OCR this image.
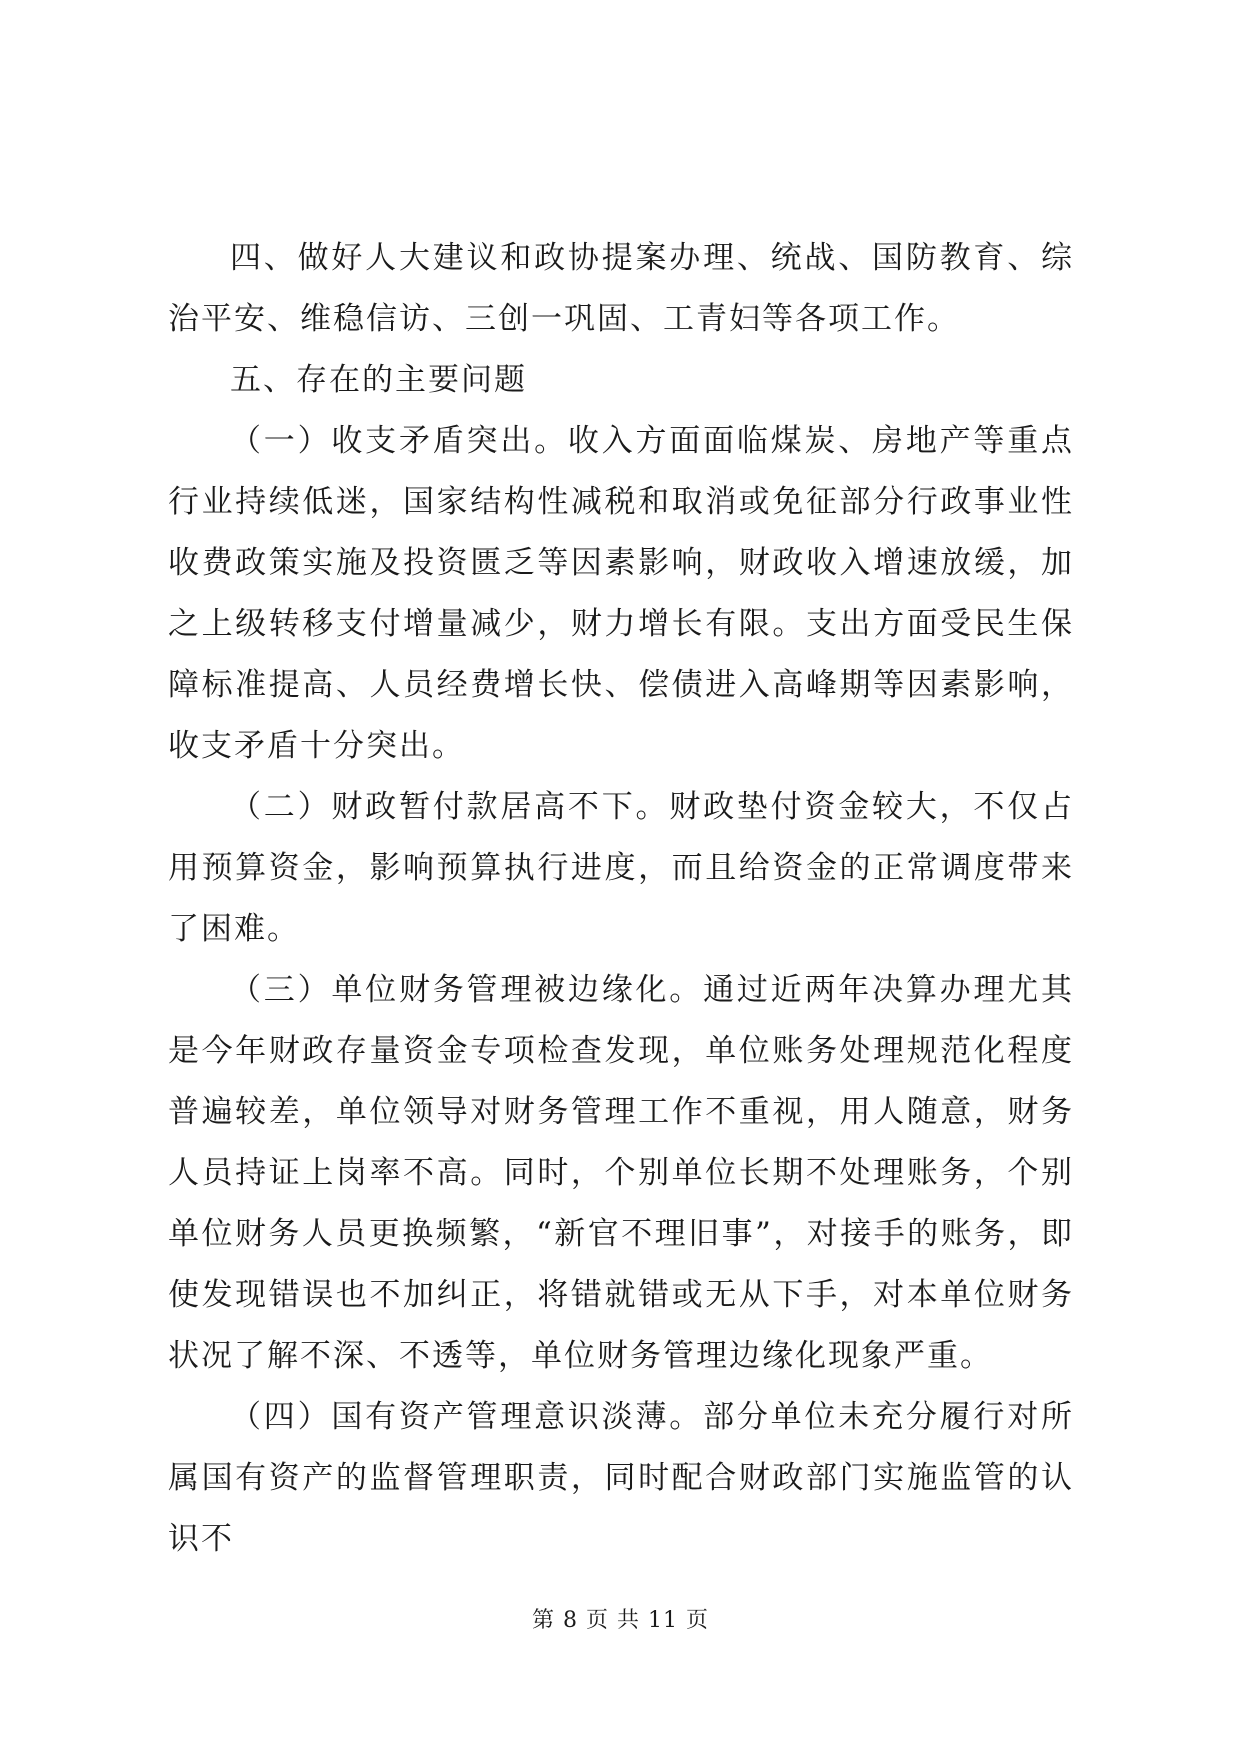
四、做好人大建议和政协提案办理、统战、国防教育、综治平安、维稳信访、三创一巩固、工青妇等各项工作。

五、存在的主要问题

（一）收支矛盾突出。收入方面面临煤炭、房地产等重点行业持续低迷，国家结构性减税和取消或免征部分行政事业性收费政策实施及投资匮乏等因素影响，财政收入增速放缓，加之上级转移支付增量减少，财力增长有限。支出方面受民生保障标准提高、人员经费增长快、偿债进入高峰期等因素影响，收支矛盾十分突出。

（二）财政暂付款居高不下。财政垫付资金较大，不仅占用预算资金，影响预算执行进度，而且给资金的正常调度带来了困难。

（三）单位财务管理被边缘化。通过近两年决算办理尤其是今年财政存量资金专项检查发现，单位账务处理规范化程度普遍较差，单位领导对财务管理工作不重视，用人随意，财务人员持证上岗率不高。同时，个别单位长期不处理账务，个别单位财务人员更换频繁，“新官不理旧事”，对接手的账务，即使发现错误也不加纠正，将错就错或无从下手，对本单位财务状况了解不深、不透等，单位财务管理边缘化现象严重。

（四）国有资产管理意识淡薄。部分单位未充分履行对所属国有资产的监督管理职责，同时配合财政部门实施监管的认识不

第 8 页 共 11 页
